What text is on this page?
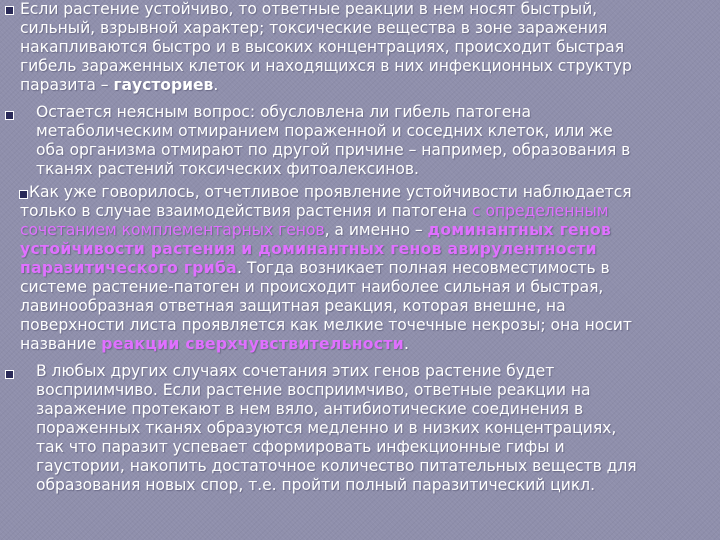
Если растение устойчиво, то ответные реакции в нем носят быстрый,
сильный, взрывной характер; токсические вещества в зоне заражения
накапливаются быстро и в высоких концентрациях, происходит быстрая
гибель зараженных клеток и находящихся в них инфекционных структур
паразита – гаусториев.
Остается неясным вопрос: обусловлена ли гибель патогена
метаболическим отмиранием пораженной и соседних клеток, или же
оба организма отмирают по другой причине – например, образования в
тканях растений токсических фитоалексинов.
Как уже говорилось, отчетливое проявление устойчивости наблюдается
только в случае взаимодействия растения и патогена с определенным
сочетанием комплементарных генов, а именно – доминантных генов
устойчивости растения и доминантных генов авирулентности
паразитического гриба. Тогда возникает полная несовместимость в
системе растение-патоген и происходит наиболее сильная и быстрая,
лавинообразная ответная защитная реакция, которая внешне, на
поверхности листа проявляется как мелкие точечные некрозы; она носит
название реакции сверхчувствительности.
В любых других случаях сочетания этих генов растение будет
восприимчиво. Если растение восприимчиво, ответные реакции на
заражение протекают в нем вяло, антибиотические соединения в
пораженных тканях образуются медленно и в низких концентрациях,
так что паразит успевает сформировать инфекционные гифы и
гаустории, накопить достаточное количество питательных веществ для
образования новых спор, т.е. пройти полный паразитический цикл.
